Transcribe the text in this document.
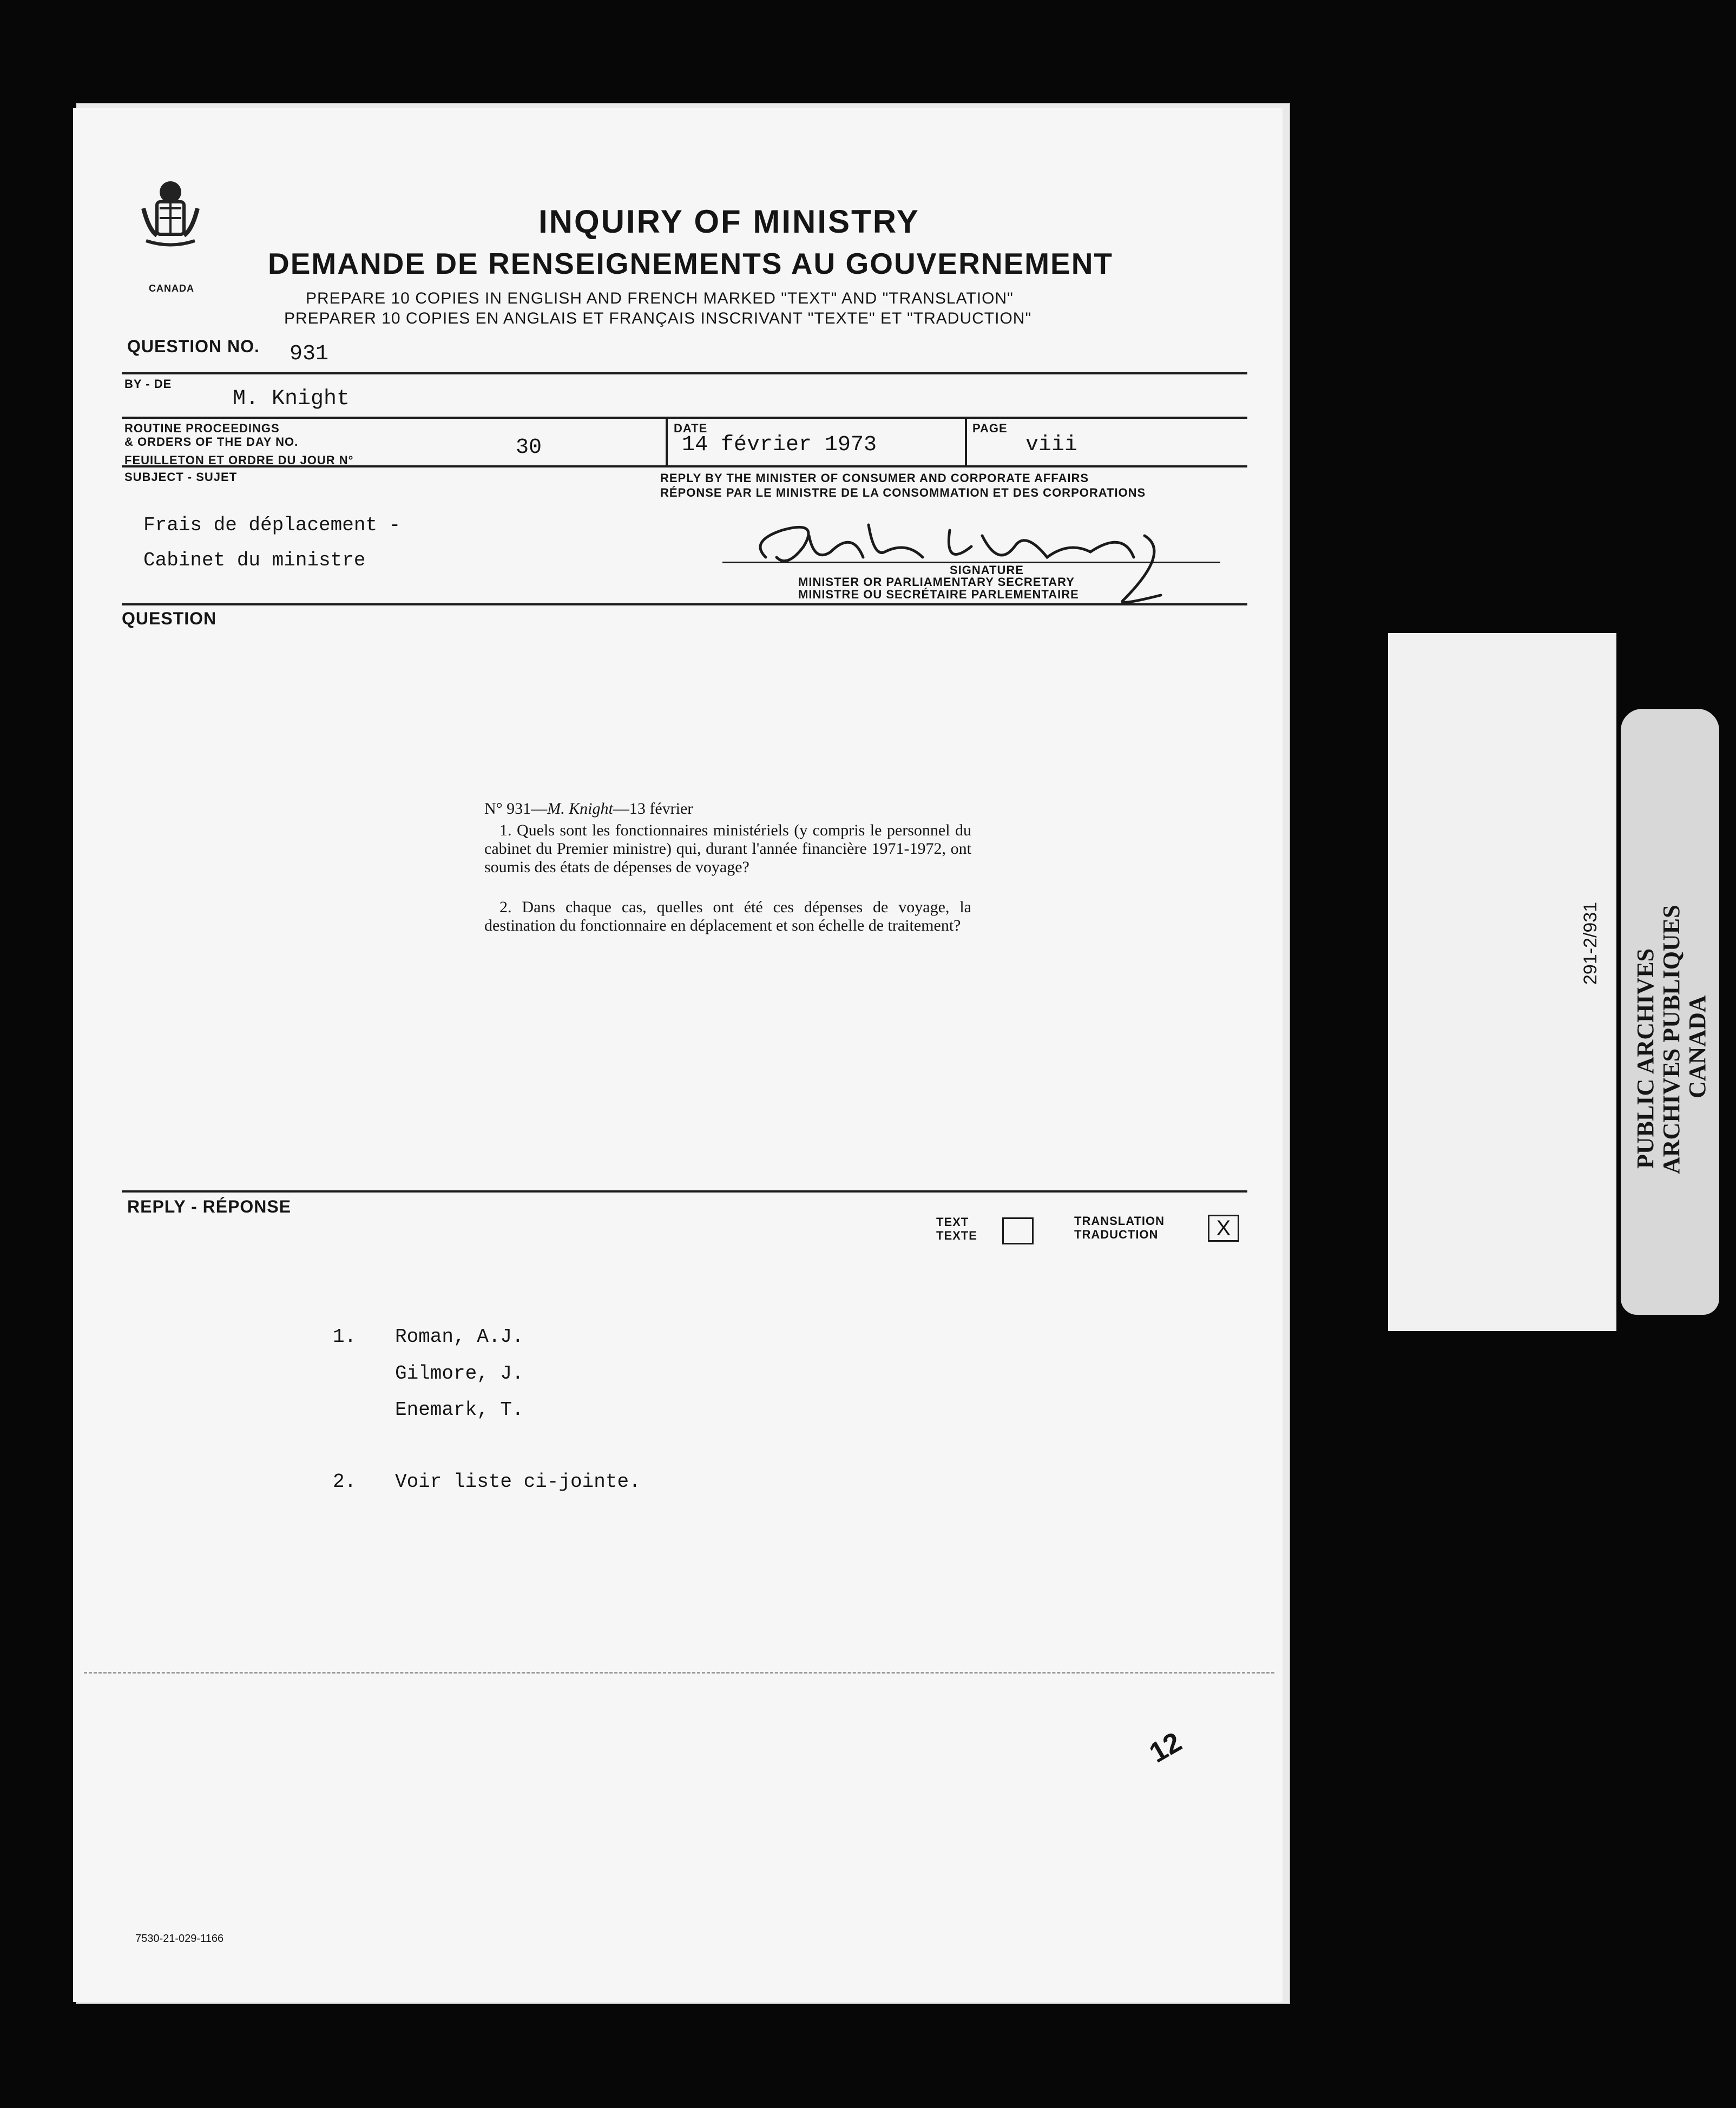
CANADA
INQUIRY OF MINISTRY
DEMANDE DE RENSEIGNEMENTS AU GOUVERNEMENT
PREPARE 10 COPIES IN ENGLISH AND FRENCH MARKED "TEXT" AND "TRANSLATION"
PREPARER 10 COPIES EN ANGLAIS ET FRANÇAIS INSCRIVANT "TEXTE" ET "TRADUCTION"
QUESTION NO. 931
BY - DE
M. Knight
ROUTINE PROCEEDINGS
& ORDERS OF THE DAY NO.
FEUILLETON ET ORDRE DU JOUR N°
30
DATE
14 février 1973
PAGE
viii
SUBJECT - SUJET
Frais de déplacement -
Cabinet du ministre
REPLY BY THE MINISTER OF CONSUMER AND CORPORATE AFFAIRS
RÉPONSE PAR LE MINISTRE DE LA CONSOMMATION ET DES CORPORATIONS
SIGNATURE
MINISTER OR PARLIAMENTARY SECRETARY
MINISTRE OU SECRÉTAIRE PARLEMENTAIRE
QUESTION
N° 931—M. Knight—13 février
1. Quels sont les fonctionnaires ministériels (y compris le personnel du cabinet du Premier ministre) qui, durant l'année financière 1971-1972, ont soumis des états de dépenses de voyage?
2. Dans chaque cas, quelles ont été ces dépenses de voyage, la destination du fonctionnaire en déplacement et son échelle de traitement?
REPLY - RÉPONSE
TEXT
TEXTE
TRANSLATION
TRADUCTION	X
1. Roman, A.J.
Gilmore, J.
Enemark, T.
2. Voir liste ci-jointe.
12
7530-21-029-1166
291-2/931
PUBLIC ARCHIVES ARCHIVES PUBLIQUES CANADA
